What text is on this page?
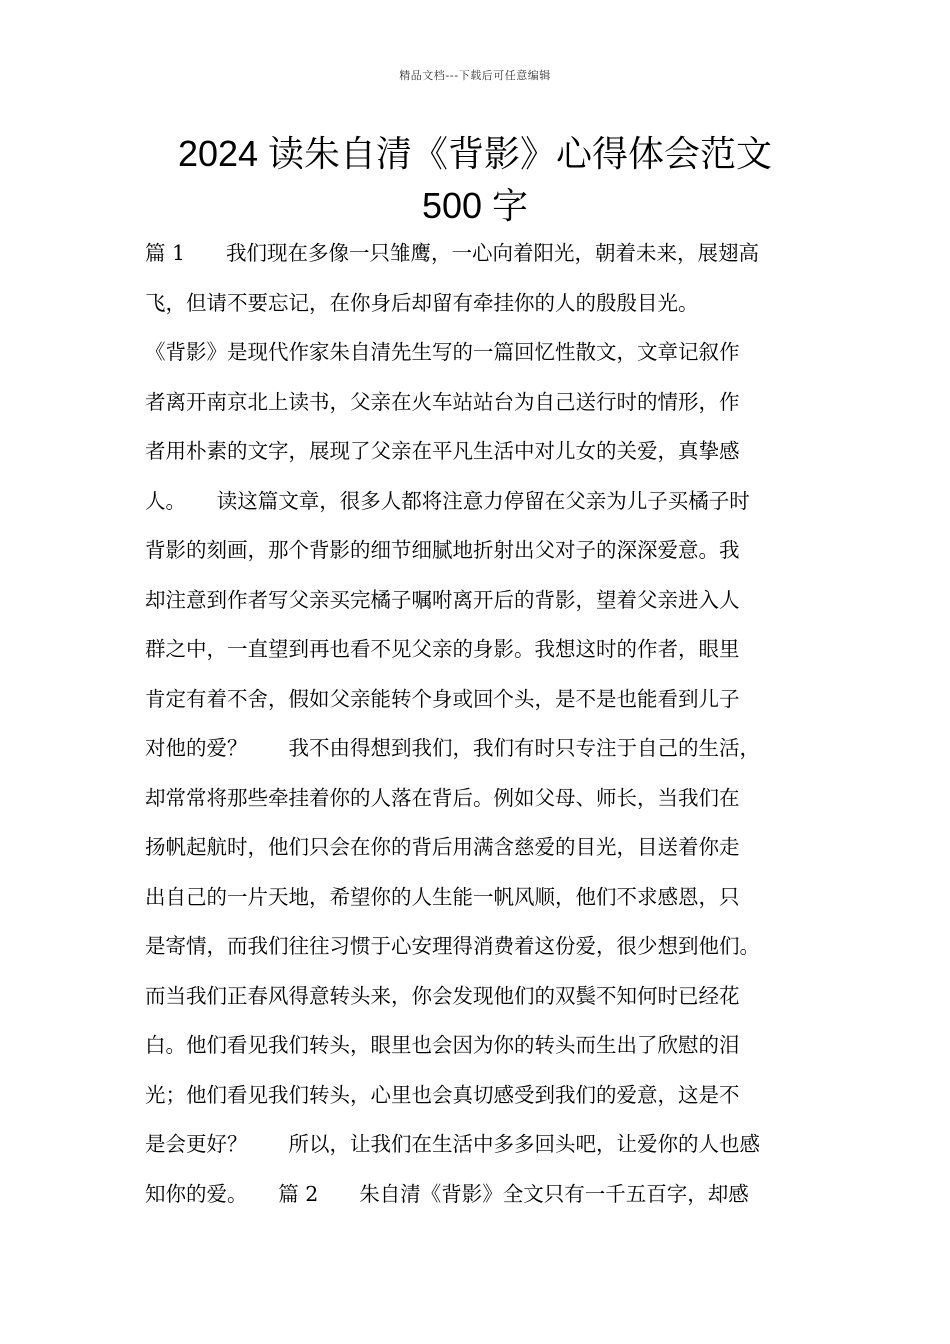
精品文档---下载后可任意编辑
2024 读朱自清《背影》心得体会范文
500 字
篇 1　　我们现在多像一只雏鹰，一心向着阳光，朝着未来，展翅高
飞，但请不要忘记，在你身后却留有牵挂你的人的殷殷目光。
《背影》是现代作家朱自清先生写的一篇回忆性散文，文章记叙作
者离开南京北上读书，父亲在火车站站台为自己送行时的情形，作
者用朴素的文字，展现了父亲在平凡生活中对儿女的关爱，真挚感
人。　　读这篇文章，很多人都将注意力停留在父亲为儿子买橘子时
背影的刻画，那个背影的细节细腻地折射出父对子的深深爱意。我
却注意到作者写父亲买完橘子嘱咐离开后的背影，望着父亲进入人
群之中，一直望到再也看不见父亲的身影。我想这时的作者，眼里
肯定有着不舍，假如父亲能转个身或回个头，是不是也能看到儿子
对他的爱？　　我不由得想到我们，我们有时只专注于自己的生活，
却常常将那些牵挂着你的人落在背后。例如父母、师长，当我们在
扬帆起航时，他们只会在你的背后用满含慈爱的目光，目送着你走
出自己的一片天地，希望你的人生能一帆风顺，他们不求感恩，只
是寄情，而我们往往习惯于心安理得消费着这份爱，很少想到他们。
而当我们正春风得意转头来，你会发现他们的双鬓不知何时已经花
白。他们看见我们转头，眼里也会因为你的转头而生出了欣慰的泪
光；他们看见我们转头，心里也会真切感受到我们的爱意，这是不
是会更好？　　所以，让我们在生活中多多回头吧，让爱你的人也感
知你的爱。　　篇 2　　朱自清《背影》全文只有一千五百字，却感
